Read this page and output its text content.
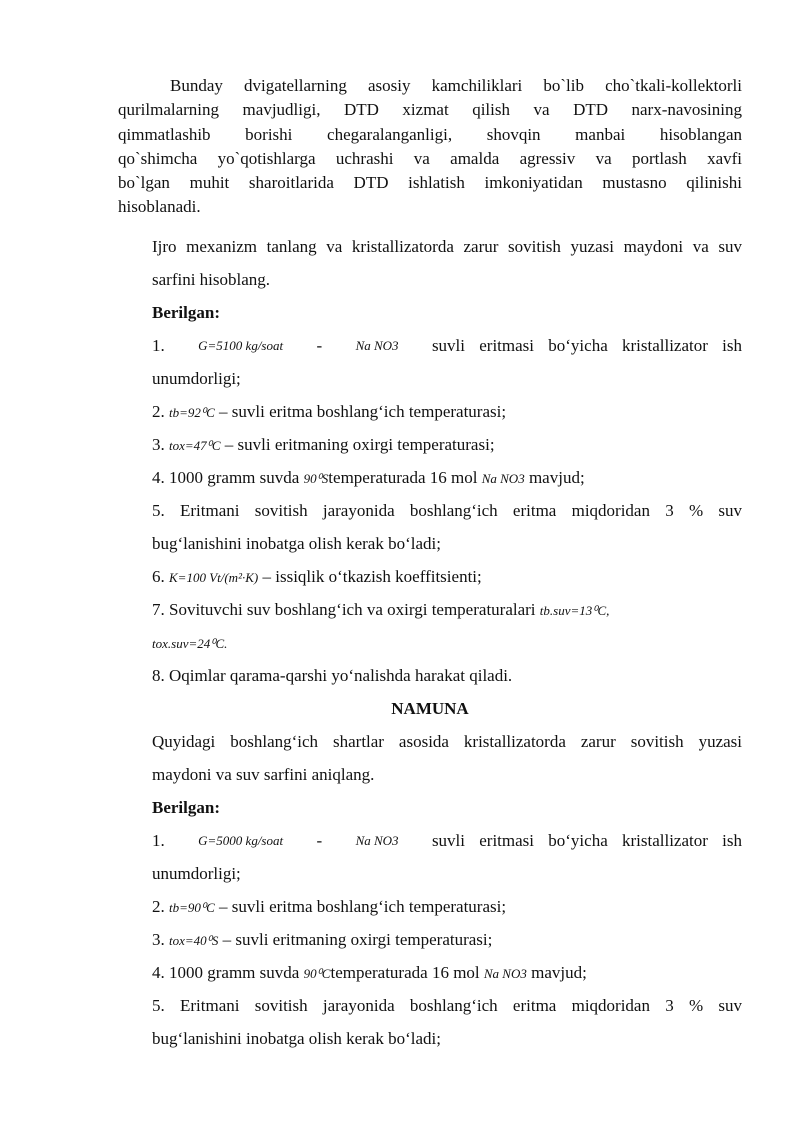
Bunday dvigatellarning asosiy kamchiliklari bo`lib cho`tkali-kollektorli
qurilmalarning mavjudligi, DTD xizmat qilish va DTD narx-navosining
qimmatlashib borishi chegaralanganligi, shovqin manbai hisoblangan
qo`shimcha yo`qotishlarga uchrashi va amalda agressiv va portlash xavfi
bo`lgan muhit sharoitlarida DTD ishlatish imkoniyatidan mustasno qilinishi
hisoblanadi.
Ijro mexanizm tanlang va kristallizatorda zarur sovitish yuzasi maydoni va suv
sarfini hisoblang.
Berilgan:
1.	G=5100 kg/soat -	Na NO3 suvli eritmasi bo‘yicha kristallizator ish
unumdorligi;
2. tb=92⁰C – suvli eritma boshlang‘ich temperaturasi;
3. tox=47⁰C – suvli eritmaning oxirgi temperaturasi;
4. 1000 gramm suvda 90⁰Stemperaturada 16 mol Na NO3 mavjud;
5. Eritmani sovitish jarayonida boshlang‘ich eritma miqdoridan 3 % suv
bug‘lanishini inobatga olish kerak bo‘ladi;
6. K=100 Vt/(m²·K) – issiqlik o‘tkazish koeffitsienti;
7. Sovituvchi suv boshlang‘ich va oxirgi temperaturalari tb.suv=13⁰C,
tox.suv=24⁰C.
8. Oqimlar qarama-qarshi yo‘nalishda harakat qiladi.
NAMUNA
Quyidagi boshlang‘ich shartlar asosida kristallizatorda zarur sovitish yuzasi
maydoni va suv sarfini aniqlang.
Berilgan:
1.	G=5000 kg/soat -	Na NO3 suvli eritmasi bo‘yicha kristallizator ish
unumdorligi;
2. tb=90⁰C – suvli eritma boshlang‘ich temperaturasi;
3. tox=40⁰S – suvli eritmaning oxirgi temperaturasi;
4. 1000 gramm suvda 90⁰Ctemperaturada 16 mol Na NO3 mavjud;
5. Eritmani sovitish jarayonida boshlang‘ich eritma miqdoridan 3 % suv
bug‘lanishini inobatga olish kerak bo‘ladi;
